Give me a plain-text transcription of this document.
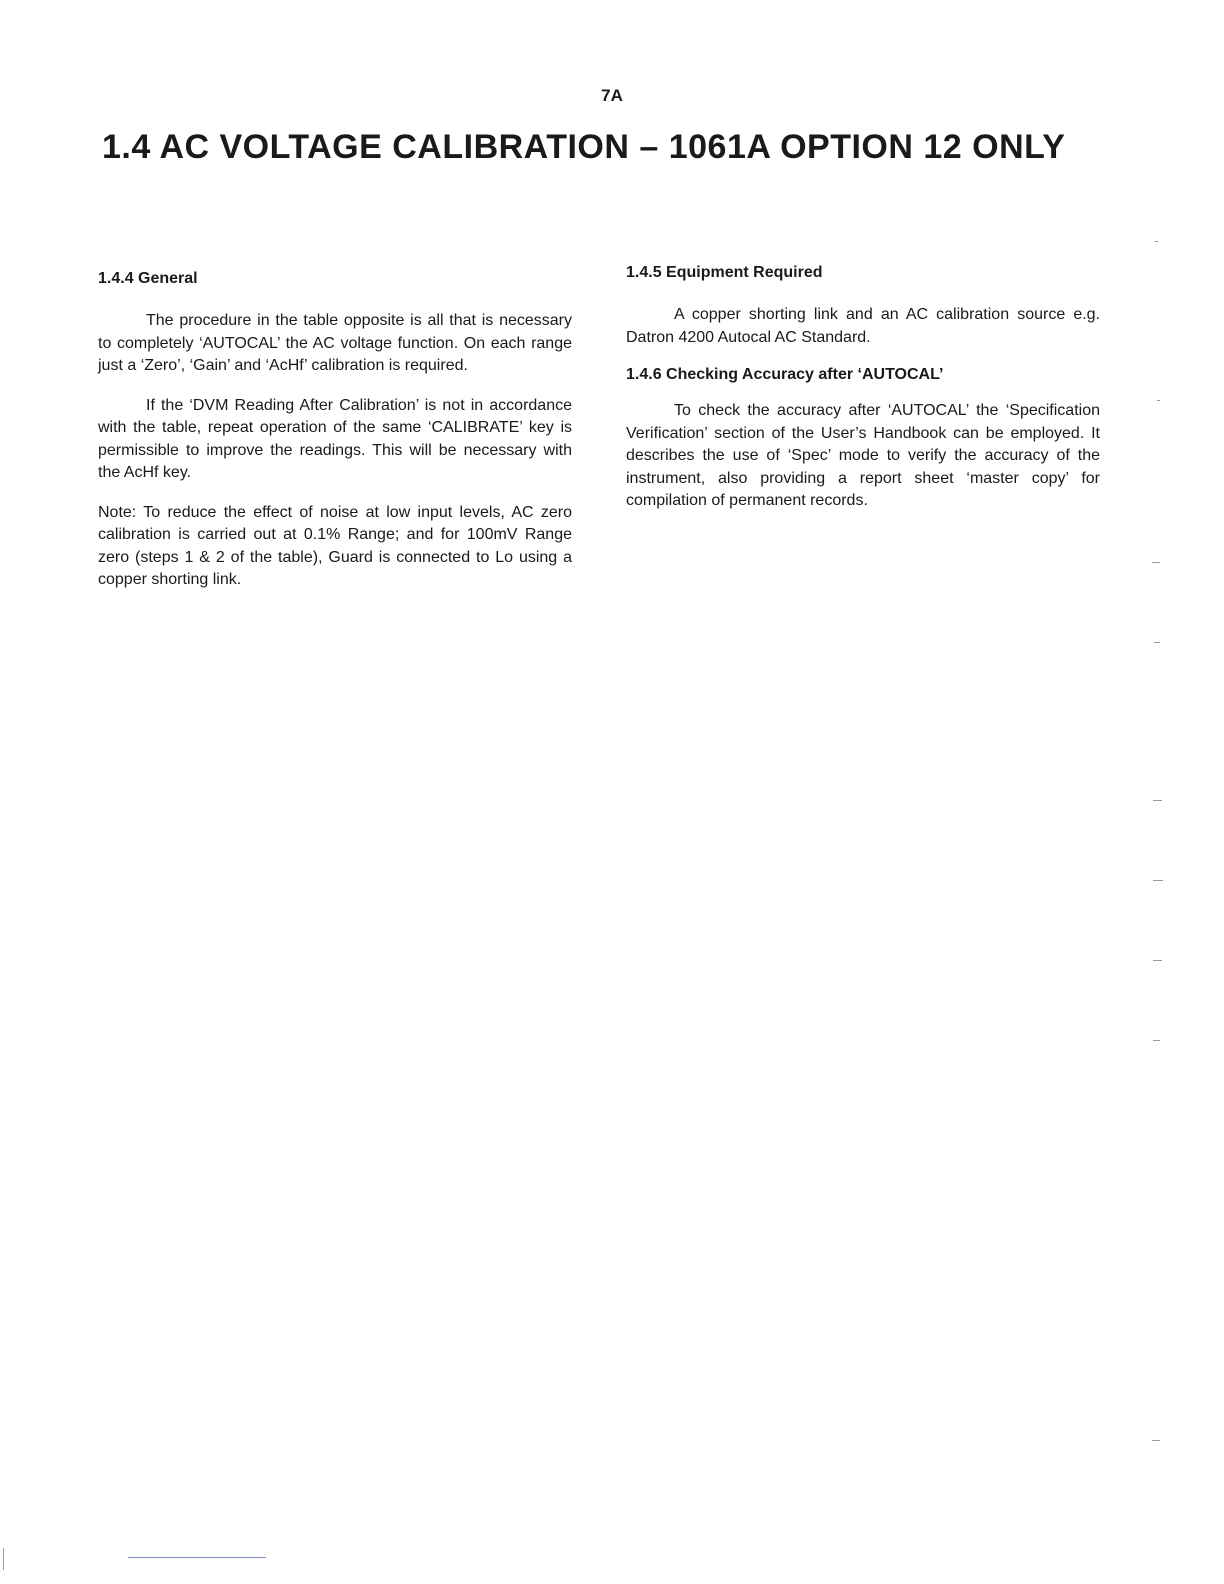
7A
1.4 AC VOLTAGE CALIBRATION – 1061A OPTION 12 ONLY
1.4.4 General

The procedure in the table opposite is all that is necessary to completely ‘AUTOCAL’ the AC voltage function. On each range just a ‘Zero’, ‘Gain’ and ‘AcHf’ calibration is required.

If the ‘DVM Reading After Calibration’ is not in accordance with the table, repeat operation of the same ‘CALIBRATE’ key is permissible to improve the readings. This will be necessary with the AcHf key.

Note: To reduce the effect of noise at low input levels, AC zero calibration is carried out at 0.1% Range; and for 100mV Range zero (steps 1 & 2 of the table), Guard is connected to Lo using a copper shorting link.

1.4.5 Equipment Required

A copper shorting link and an AC calibration source e.g. Datron 4200 Autocal AC Standard.

1.4.6 Checking Accuracy after ‘AUTOCAL’

To check the accuracy after ‘AUTOCAL’ the ‘Specification Verification’ section of the User’s Handbook can be employed. It describes the use of ‘Spec’ mode to verify the accuracy of the instrument, also providing a report sheet ‘master copy’ for compilation of permanent records.
